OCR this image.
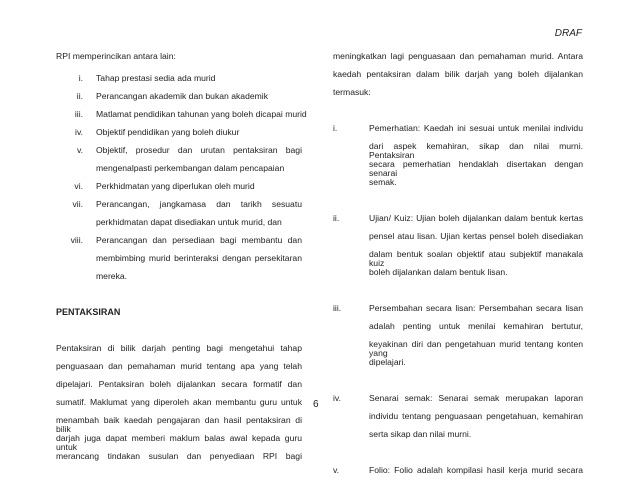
DRAF
RPI memperincikan antara lain:
i.	Tahap prestasi sedia ada murid
ii.	Perancangan akademik dan bukan akademik
iii.	Matlamat pendidikan tahunan yang boleh dicapai murid
iv.	Objektif pendidikan yang boleh diukur
v.	Objektif, prosedur dan urutan pentaksiran bagi
mengenalpasti perkembangan dalam pencapaian
vi.	Perkhidmatan yang diperlukan oleh murid
vii.	Perancangan, jangkamasa dan tarikh sesuatu
perkhidmatan dapat disediakan untuk murid, dan
viii.	Perancangan dan persediaan bagi membantu dan
membimbing murid berinteraksi dengan persekitaran
mereka.
PENTAKSIRAN
Pentaksiran di bilik darjah penting bagi mengetahui tahap
penguasaan dan pemahaman murid tentang apa yang telah
dipelajari. Pentaksiran boleh dijalankan secara formatif dan
sumatif. Maklumat yang diperoleh akan membantu guru untuk
menambah baik kaedah pengajaran dan hasil pentaksiran di bilik
darjah juga dapat memberi maklum balas awal kepada guru untuk
merancang tindakan susulan dan penyediaan RPI bagi
meningkatkan lagi penguasaan dan pemahaman murid. Antara
kaedah pentaksiran dalam bilik darjah yang boleh dijalankan
termasuk:
i.	Pemerhatian: Kaedah ini sesuai untuk menilai individu
dari aspek kemahiran, sikap dan nilai murni. Pentaksiran
secara pemerhatian hendaklah disertakan dengan senarai
semak.
ii.	Ujian/ Kuiz: Ujian boleh dijalankan dalam bentuk kertas
pensel atau lisan. Ujian kertas pensel boleh disediakan
dalam bentuk soalan objektif atau subjektif manakala kuiz
boleh dijalankan dalam bentuk lisan.
iii.	Persembahan secara lisan: Persembahan secara lisan
adalah penting untuk menilai kemahiran bertutur,
keyakinan diri dan pengetahuan murid tentang konten yang
dipelajari.
iv.	Senarai semak: Senarai semak merupakan laporan
individu tentang penguasaan pengetahuan, kemahiran
serta sikap dan nilai murni.
v.	Folio: Folio adalah kompilasi hasil kerja murid secara
6
